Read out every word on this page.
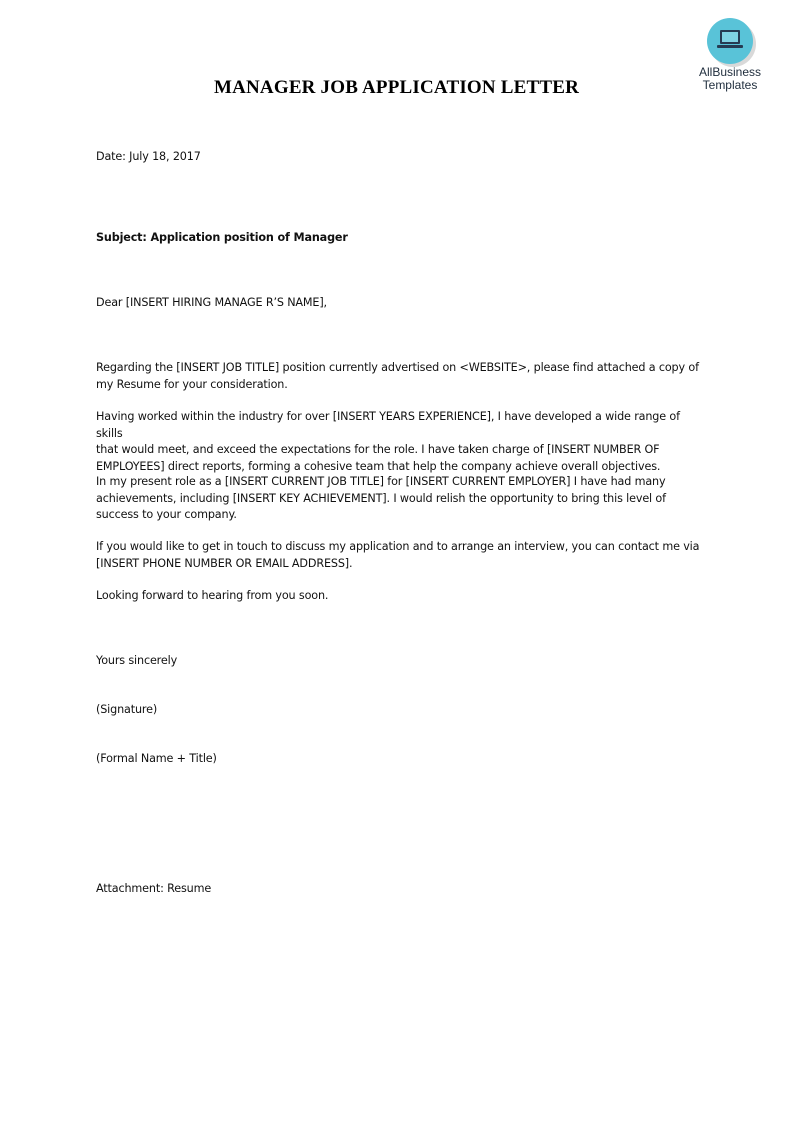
AllBusiness
Templates
MANAGER JOB APPLICATION LETTER
Date: July 18, 2017
Subject: Application position of Manager
Dear [INSERT HIRING MANAGE R’S NAME],
Regarding the [INSERT JOB TITLE] position currently advertised on <WEBSITE>, please find attached a copy of
my Resume for your consideration.
Having worked within the industry for over [INSERT YEARS EXPERIENCE], I have developed a wide range of skills
that would meet, and exceed the expectations for the role. I have taken charge of [INSERT NUMBER OF
EMPLOYEES] direct reports, forming a cohesive team that help the company achieve overall objectives.
In my present role as a [INSERT CURRENT JOB TITLE] for [INSERT CURRENT EMPLOYER] I have had many
achievements, including [INSERT KEY ACHIEVEMENT]. I would relish the opportunity to bring this level of
success to your company.
If you would like to get in touch to discuss my application and to arrange an interview, you can contact me via
[INSERT PHONE NUMBER OR EMAIL ADDRESS].
Looking forward to hearing from you soon.
Yours sincerely
(Signature)
(Formal Name + Title)
Attachment: Resume
